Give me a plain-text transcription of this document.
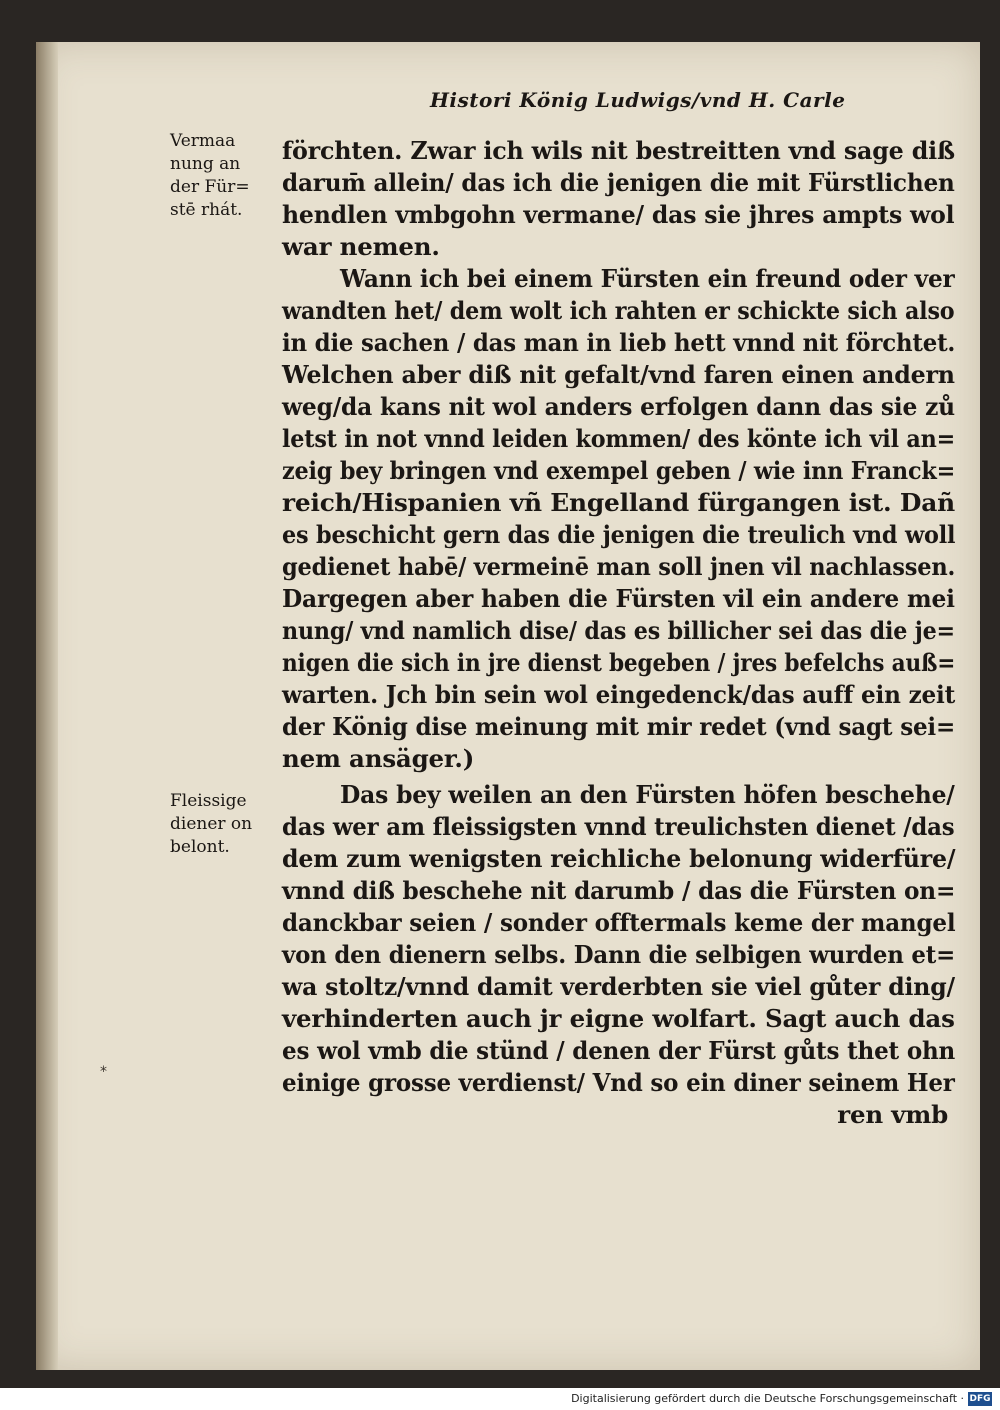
Histori König Ludwigs/vnd H. Carle
Vermaa
nung an
der Für=
stē rhát.
Fleissige
diener on
belont.
förchten. Zwar ich wils nit bestreitten vnd sage diß
darum̄ allein/ das ich die jenigen die mit Fürstlichen
hendlen vmbgohn vermane/ das sie jhres ampts wol
war nemen.
Wann ich bei einem Fürsten ein freund oder ver
wandten het/ dem wolt ich rahten er schickte sich also
in die sachen / das man in lieb hett vnnd nit förchtet.
Welchen aber diß nit gefalt/vnd faren einen andern
weg/da kans nit wol anders erfolgen dann das sie zů
letst in not vnnd leiden kommen/ des könte ich vil an=
zeig bey bringen vnd exempel geben / wie inn Franck=
reich/Hispanien vñ Engelland fürgangen ist. Dañ
es beschicht gern das die jenigen die treulich vnd woll
gedienet habē/ vermeinē man soll jnen vil nachlassen.
Dargegen aber haben die Fürsten vil ein andere mei
nung/ vnd namlich dise/ das es billicher sei das die je=
nigen die sich in jre dienst begeben / jres befelchs auß=
warten. Jch bin sein wol eingedenck/das auff ein zeit
der König dise meinung mit mir redet (vnd sagt sei=
nem ansäger.)
Das bey weilen an den Fürsten höfen beschehe/
das wer am fleissigsten vnnd treulichsten dienet /das
dem zum wenigsten reichliche belonung widerfüre/
vnnd diß beschehe nit darumb / das die Fürsten on=
danckbar seien / sonder offtermals keme der mangel
von den dienern selbs. Dann die selbigen wurden et=
wa stoltz/vnnd damit verderbten sie viel gůter ding/
verhinderten auch jr eigne wolfart. Sagt auch das
es wol vmb die stünd / denen der Fürst gůts thet ohn
einige grosse verdienst/ Vnd so ein diner seinem Her
ren vmb
*
Digitalisierung gefördert durch die Deutsche Forschungsgemeinschaft · DFG
